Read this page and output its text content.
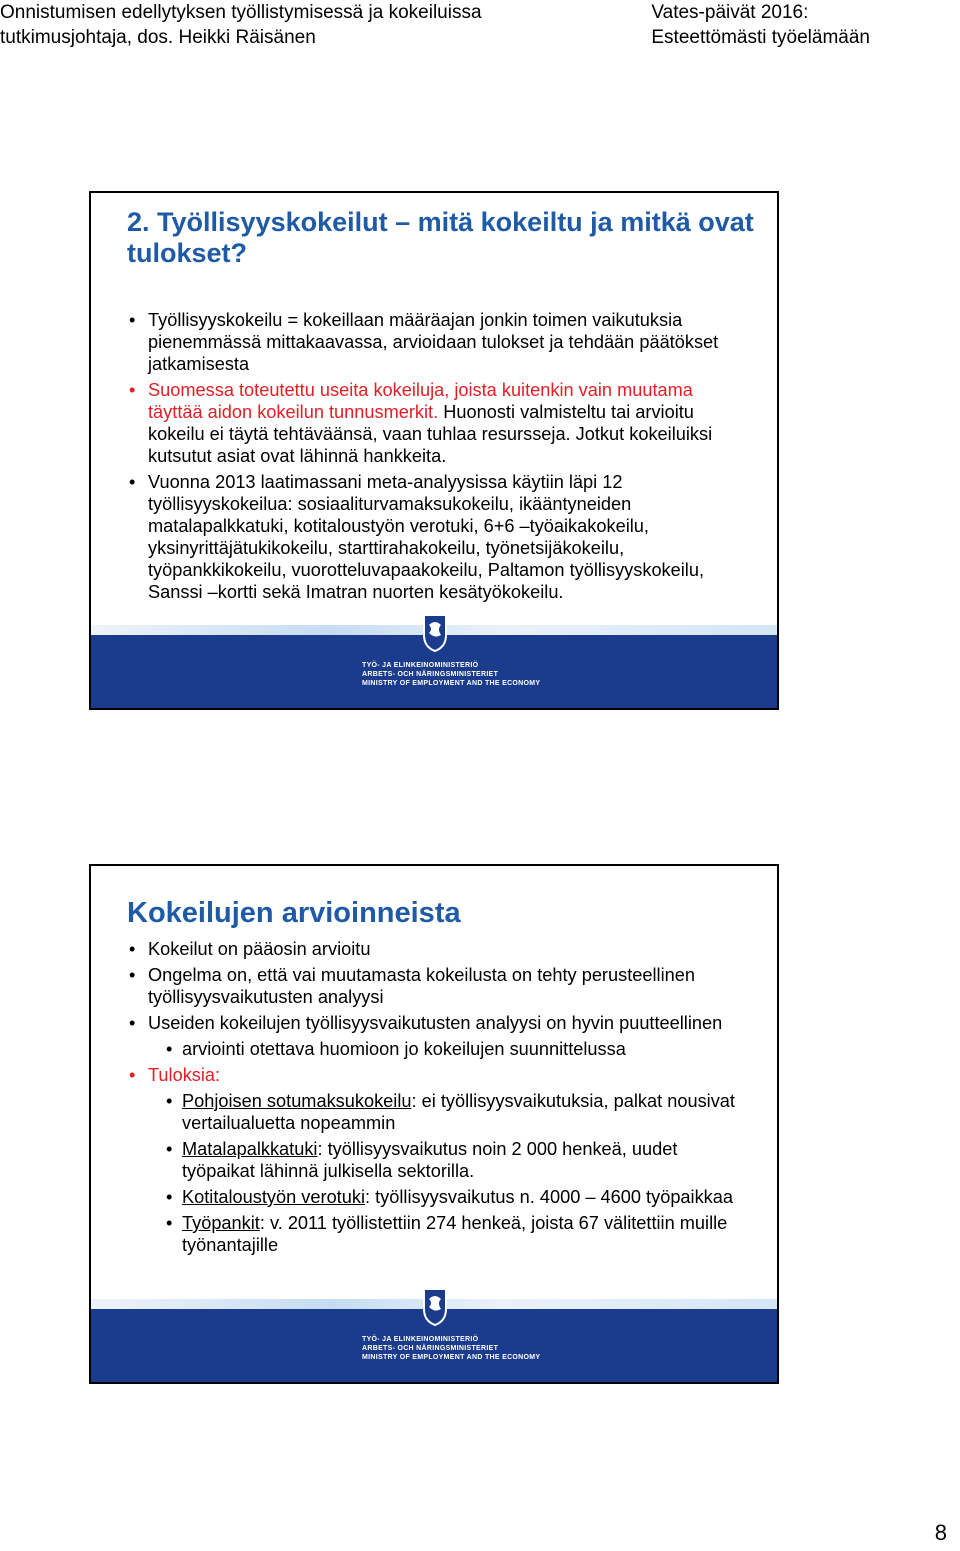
Onnistumisen edellytyksen työllistymisessä ja kokeiluissa
tutkimusjohtaja, dos. Heikki Räisänen
Vates-päivät 2016:
Esteettömästi työelämään
2. Työllisyyskokeilut – mitä kokeiltu ja mitkä ovat tulokset?
• Työllisyyskokeilu = kokeillaan määräajan jonkin toimen vaikutuksia pienemmässä mittakaavassa, arvioidaan tulokset ja tehdään päätökset jatkamisesta
• Suomessa toteutettu useita kokeiluja, joista kuitenkin vain muutama täyttää aidon kokeilun tunnusmerkit. Huonosti valmisteltu tai arvioitu kokeilu ei täytä tehtäväänsä, vaan tuhlaa resursseja. Jotkut kokeiluiksi kutsutut asiat ovat lähinnä hankkeita.
• Vuonna 2013 laatimassani meta-analyysissa käytiin läpi 12 työllisyyskokeilua: sosiaaliturvamaksukokeilu, ikääntyneiden matalapalkkatuki, kotitaloustyön verotuki, 6+6 –työaikakokeilu, yksinyrittäjätukikokeilu, starttirahakokeilu, työnetsijäkokeilu, työpankkikokeilu, vuorotteluvapaakokeilu, Paltamon työllisyyskokeilu, Sanssi –kortti sekä Imatran nuorten kesätyökokeilu.
TYÖ- JA ELINKEINOMINISTERIÖ
ARBETS- OCH NÄRINGSMINISTERIET
MINISTRY OF EMPLOYMENT AND THE ECONOMY
Kokeilujen arvioinneista
• Kokeilut on pääosin arvioitu
• Ongelma on, että vai muutamasta kokeilusta on tehty perusteellinen työllisyysvaikutusten analyysi
• Useiden kokeilujen työllisyysvaikutusten analyysi on hyvin puutteellinen
• arviointi otettava huomioon jo kokeilujen suunnittelussa
• Tuloksia:
• Pohjoisen sotumaksukokeilu: ei työllisyysvaikutuksia, palkat nousivat vertailualuetta nopeammin
• Matalapalkkatuki: työllisyysvaikutus noin 2 000 henkeä, uudet työpaikat lähinnä julkisella sektorilla.
• Kotitaloustyön verotuki: työllisyysvaikutus n. 4000 – 4600 työpaikkaa
• Työpankit: v. 2011 työllistettiin 274 henkeä, joista 67 välitettiin muille työnantajille
TYÖ- JA ELINKEINOMINISTERIÖ
ARBETS- OCH NÄRINGSMINISTERIET
MINISTRY OF EMPLOYMENT AND THE ECONOMY
8
